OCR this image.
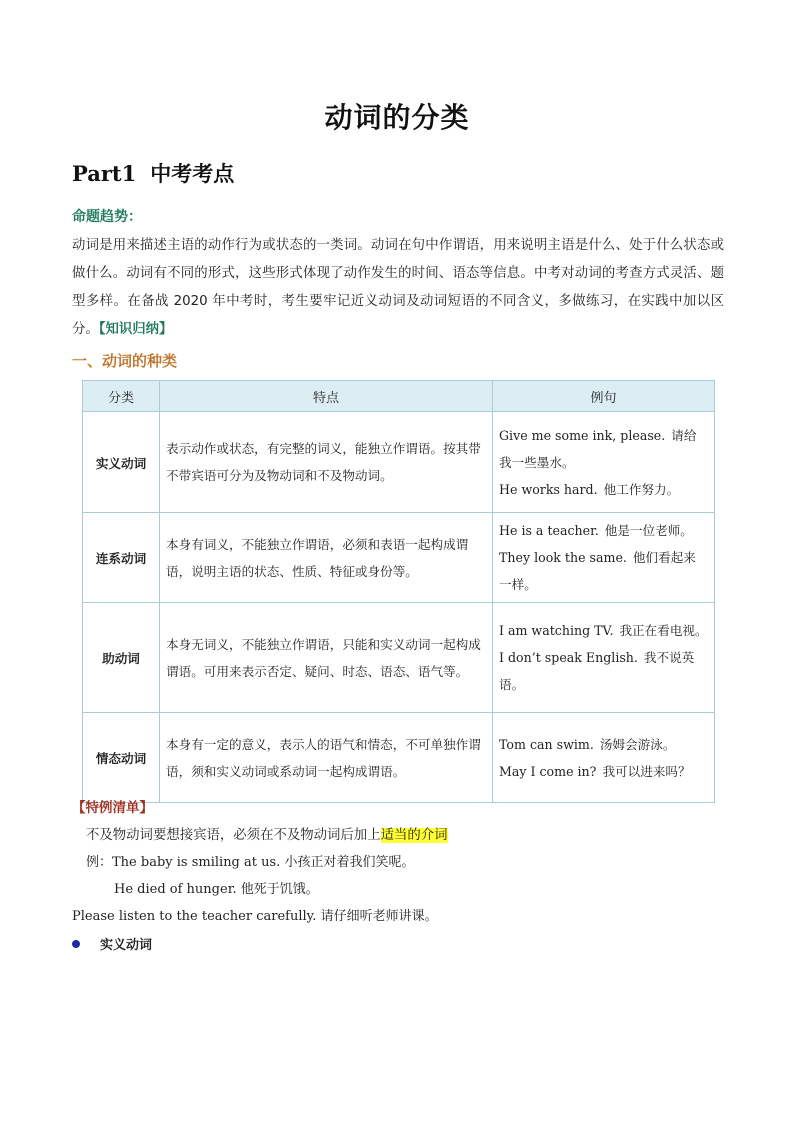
动词的分类
Part1 中考考点
命题趋势：
动词是用来描述主语的动作行为或状态的一类词。动词在句中作谓语，用来说明主语是什么、处于什么状态或做什么。动词有不同的形式，这些形式体现了动作发生的时间、语态等信息。中考对动词的考查方式灵活、题型多样。在备战 2020 年中考时，考生要牢记近义动词及动词短语的不同含义，多做练习，在实践中加以区分。【知识归纳】
一、动词的种类
分类	特点	例句
实义动词	表示动作或状态，有完整的词义，能独立作谓语。按其带不带宾语可分为及物动词和不及物动词。	Give me some ink, please. 请给我一些墨水。
He works hard. 他工作努力。

连系动词	本身有词义，不能独立作谓语，必须和表语一起构成谓语，说明主语的状态、性质、特征或身份等。	He is a teacher. 他是一位老师。
They look the same. 他们看起来一样。

助动词	本身无词义，不能独立作谓语，只能和实义动词一起构成谓语。可用来表示否定、疑问、时态、语态、语气等。	I am watching TV. 我正在看电视。
I don’t speak English. 我不说英语。

情态动词	本身有一定的意义，表示人的语气和情态，不可单独作谓语，须和实义动词或系动词一起构成谓语。	Tom can swim. 汤姆会游泳。
May I come in? 我可以进来吗？
【特例清单】
不及物动词要想接宾语，必须在不及物动词后加上适当的介词
例：The baby is smiling at us. 小孩正对着我们笑呢。
He died of hunger. 他死于饥饿。
Please listen to the teacher carefully. 请仔细听老师讲课。
实义动词
